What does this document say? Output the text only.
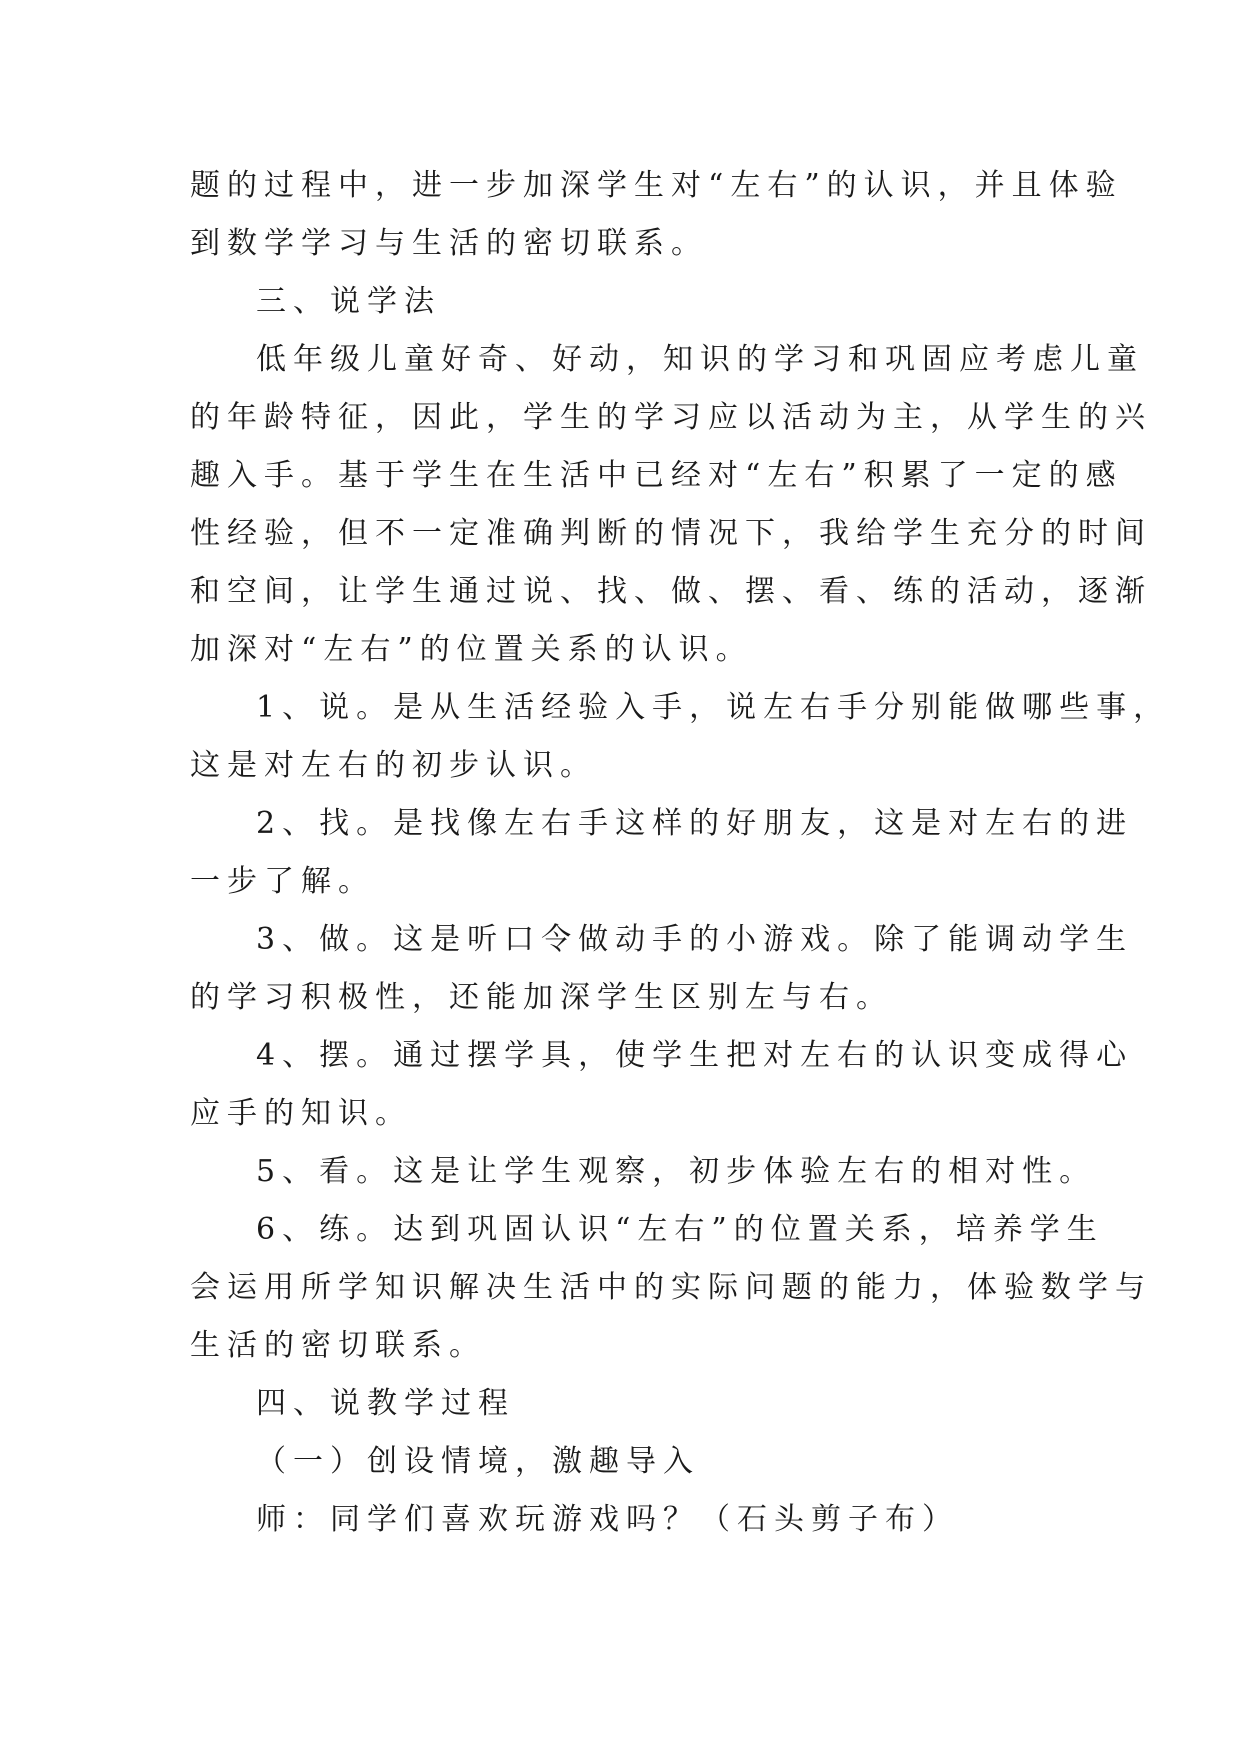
题的过程中，进一步加深学生对“左右”的认识，并且体验
到数学学习与生活的密切联系。
三、说学法
低年级儿童好奇、好动，知识的学习和巩固应考虑儿童
的年龄特征，因此，学生的学习应以活动为主，从学生的兴
趣入手。基于学生在生活中已经对“左右”积累了一定的感
性经验，但不一定准确判断的情况下，我给学生充分的时间
和空间，让学生通过说、找、做、摆、看、练的活动，逐渐
加深对“左右”的位置关系的认识。
1、说。是从生活经验入手，说左右手分别能做哪些事，
这是对左右的初步认识。
2、找。是找像左右手这样的好朋友，这是对左右的进
一步了解。
3、做。这是听口令做动手的小游戏。除了能调动学生
的学习积极性，还能加深学生区别左与右。
4、摆。通过摆学具，使学生把对左右的认识变成得心
应手的知识。
5、看。这是让学生观察，初步体验左右的相对性。
6、练。达到巩固认识“左右”的位置关系，培养学生
会运用所学知识解决生活中的实际问题的能力，体验数学与
生活的密切联系。
四、说教学过程
（一）创设情境，激趣导入
师：同学们喜欢玩游戏吗？（石头剪子布）
